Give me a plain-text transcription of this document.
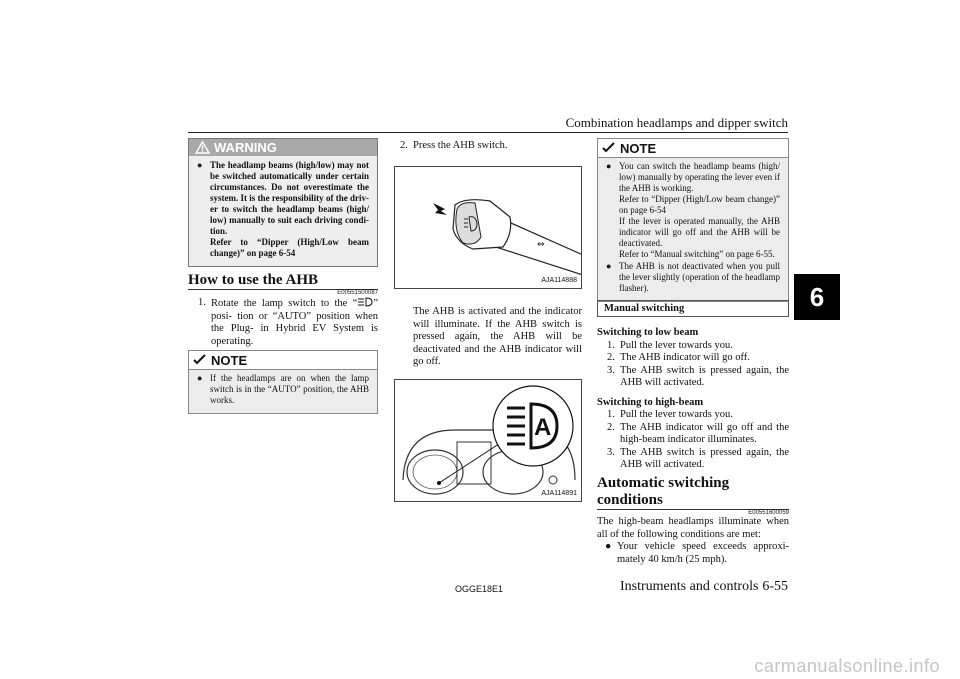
Combination headlamps and dipper switch
6
WARNING
● The headlamp beams (high/low) may not be switched automatically under certain circumstances. Do not overestimate the system. It is the responsibility of the driv- er to switch the headlamp beams (high/ low) manually to suit each driving condi- tion.
Refer to “Dipper (High/Low beam change)” on page 6-54
How to use the AHB
E00551500087
1. Rotate the lamp switch to the “ ” posi- tion or “AUTO” position when the Plug- in Hybrid EV System is operating.
NOTE
● If the headlamps are on when the lamp switch is in the “AUTO” position, the AHB works.
2. Press the AHB switch.
⇔
AJA114888
The AHB is activated and the indicator will illuminate. If the AHB switch is pressed again, the AHB will be deactivated and the AHB indicator will go off.
A
AJA114891
NOTE
● You can switch the headlamp beams (high/ low) manually by operating the lever even if the AHB is working.
Refer to “Dipper (High/Low beam change)” on page 6-54
If the lever is operated manually, the AHB indicator will go off and the AHB will be deactivated.
Refer to “Manual switching” on page 6-55.
● The AHB is not deactivated when you pull the lever slightly (operation of the headlamp flasher).
Manual switching
Switching to low beam
1. Pull the lever towards you.
2. The AHB indicator will go off.
3. The AHB switch is pressed again, the AHB will activated.
Switching to high-beam
1. Pull the lever towards you.
2. The AHB indicator will go off and the high-beam indicator illuminates.
3. The AHB switch is pressed again, the AHB will activated.
Automatic switching conditions
E00551600059
The high-beam headlamps illuminate when all of the following conditions are met:
● Your vehicle speed exceeds approxi- mately 40 km/h (25 mph).
OGGE18E1	Instruments and controls 6-55
carmanualsonline.info
